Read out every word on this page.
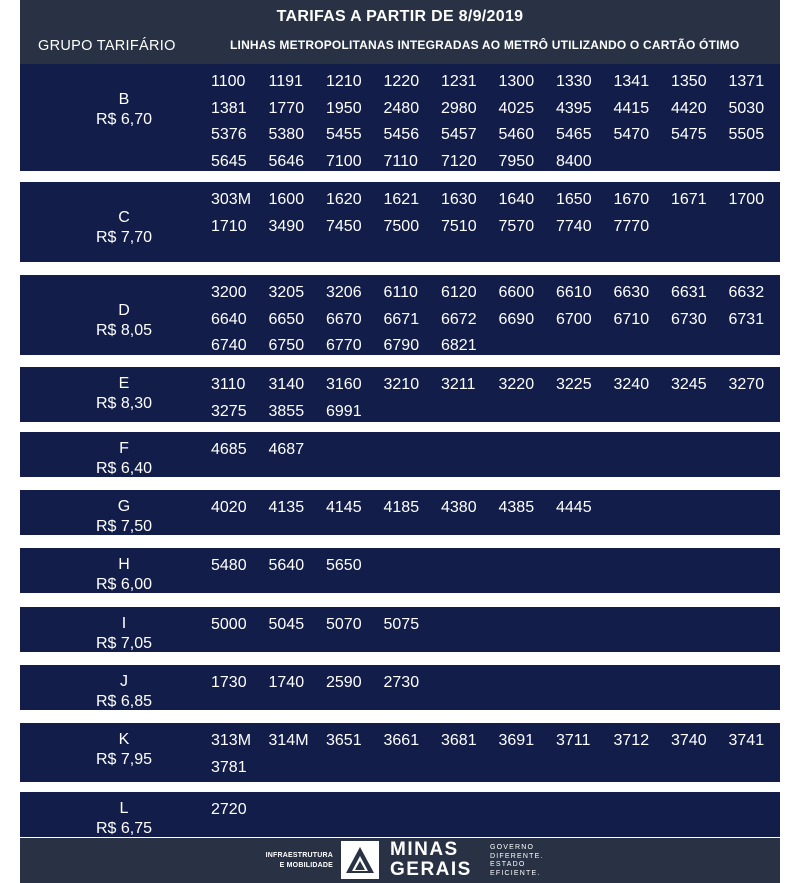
TARIFAS A PARTIR DE 8/9/2019
GRUPO TARIFÁRIO	LINHAS METROPOLITANAS INTEGRADAS AO METRÔ UTILIZANDO O CARTÃO ÓTIMO
B
R$ 6,70
1100	1191	1210	1220	1231	1300	1330	1341	1350	1371
1381	1770	1950	2480	2980	4025	4395	4415	4420	5030
5376	5380	5455	5456	5457	5460	5465	5470	5475	5505
5645	5646	7100	7110	7120	7950	8400
C
R$ 7,70
303M	1600	1620	1621	1630	1640	1650	1670	1671	1700
1710	3490	7450	7500	7510	7570	7740	7770
D
R$ 8,05
3200	3205	3206	6110	6120	6600	6610	6630	6631	6632
6640	6650	6670	6671	6672	6690	6700	6710	6730	6731
6740	6750	6770	6790	6821
E
R$ 8,30
3110	3140	3160	3210	3211	3220	3225	3240	3245	3270
3275	3855	6991
F
R$ 6,40
4685	4687
G
R$ 7,50
4020	4135	4145	4185	4380	4385	4445
H
R$ 6,00
5480	5640	5650
I
R$ 7,05
5000	5045	5070	5075
J
R$ 6,85
1730	1740	2590	2730
K
R$ 7,95
313M	314M	3651	3661	3681	3691	3711	3712	3740	3741
3781
L
R$ 6,75
2720
INFRAESTRUTURA
E MOBILIDADE
MINAS
GERAIS
GOVERNO
DIFERENTE.
ESTADO
EFICIENTE.
